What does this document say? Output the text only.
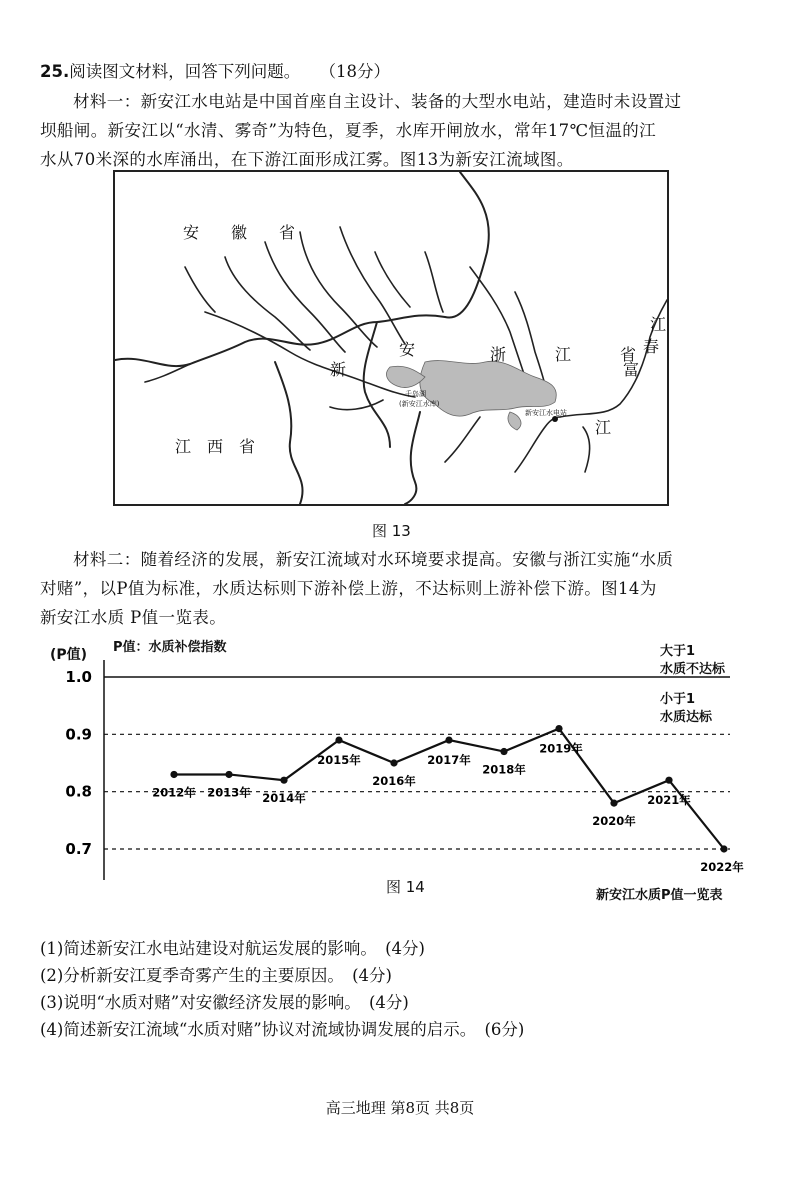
25.阅读图文材料，回答下列问题。 （18分）
材料一：新安江水电站是中国首座自主设计、装备的大型水电站，建造时未设置过
坝船闸。新安江以“水清、雾奇”为特色，夏季，水库开闸放水，常年17℃恒温的江
水从70米深的水库涌出，在下游江面形成江雾。图13为新安江流域图。
安　　徽　　省
江　西　省
新
安	浙	江	省
江
春
富
江
千岛湖
(新安江水库)
新安江水电站
图 13
材料二：随着经济的发展，新安江流域对水环境要求提高。安徽与浙江实施“水质
对赌”，以P值为标准，水质达标则下游补偿上游，不达标则上游补偿下游。图14为
新安江水质 P值一览表。
(P值) P值：水质补偿指数	大于1
水质不达标
小于1
水质达标
0.7
0.8
0.9
1.0
2012年 2013年 2014年
2015年
2016年
2017年
2018年
2019年
2020年
2021年
2022年
图 14	新安江水质P值一览表
(1)简述新安江水电站建设对航运发展的影响。　(4分)
(2)分析新安江夏季奇雾产生的主要原因。　(4分)
(3)说明“水质对赌”对安徽经济发展的影响。　(4分)
(4)简述新安江流域“水质对赌”协议对流域协调发展的启示。　(6分)
高三地理 第8页 共8页
